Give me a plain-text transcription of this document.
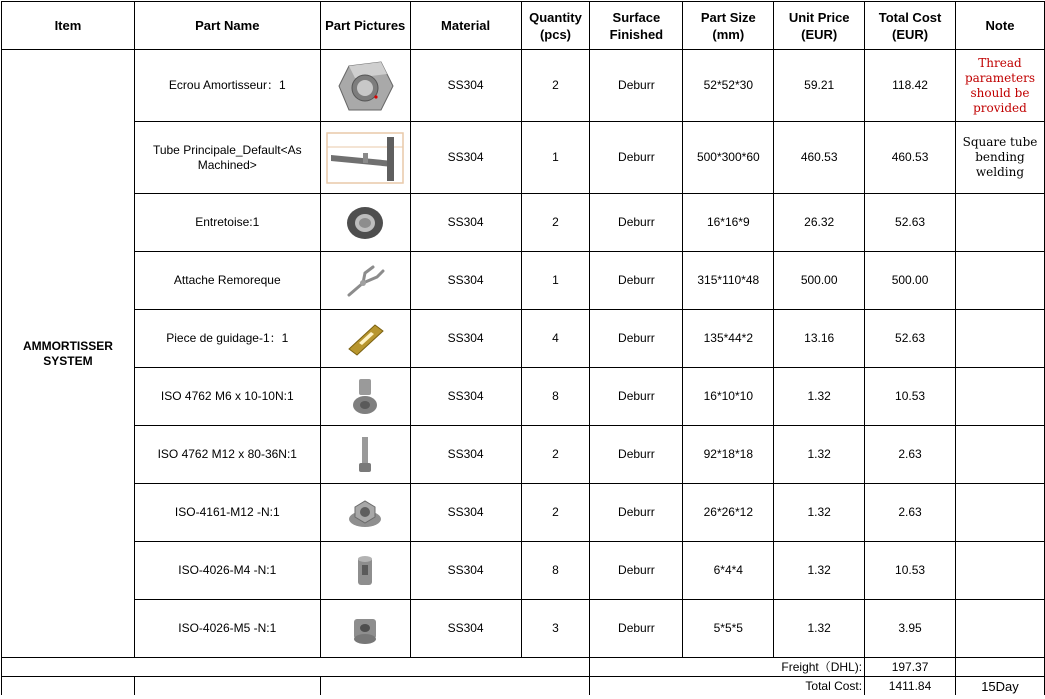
Item	Part Name	Part Pictures	Material	Quantity (pcs)	Surface Finished	Part Size (mm)	Unit Price (EUR)	Total Cost (EUR)	Note
AMMORTISSER SYSTEM	Ecrou Amortisseur：1		SS304	2	Deburr	52*52*30	59.21	118.42	Thread parameters should be provided
	Tube Principale_Default<As Machined>		SS304	1	Deburr	500*300*60	460.53	460.53	Square tube bending welding
	Entretoise:1		SS304	2	Deburr	16*16*9	26.32	52.63	
	Attache Remoreque		SS304	1	Deburr	315*110*48	500.00	500.00	
	Piece de guidage-1：1		SS304	4	Deburr	135*44*2	13.16	52.63	
	ISO 4762 M6 x 10-10N:1		SS304	8	Deburr	16*10*10	1.32	10.53	
	ISO 4762 M12 x 80-36N:1		SS304	2	Deburr	92*18*18	1.32	2.63	
	ISO-4161-M12 -N:1		SS304	2	Deburr	26*26*12	1.32	2.63	
	ISO-4026-M4 -N:1		SS304	8	Deburr	6*4*4	1.32	10.53	
	ISO-4026-M5 -N:1		SS304	3	Deburr	5*5*5	1.32	3.95	
					Freight（DHL):			197.37	
					Total Cost:			1411.84	15Day
